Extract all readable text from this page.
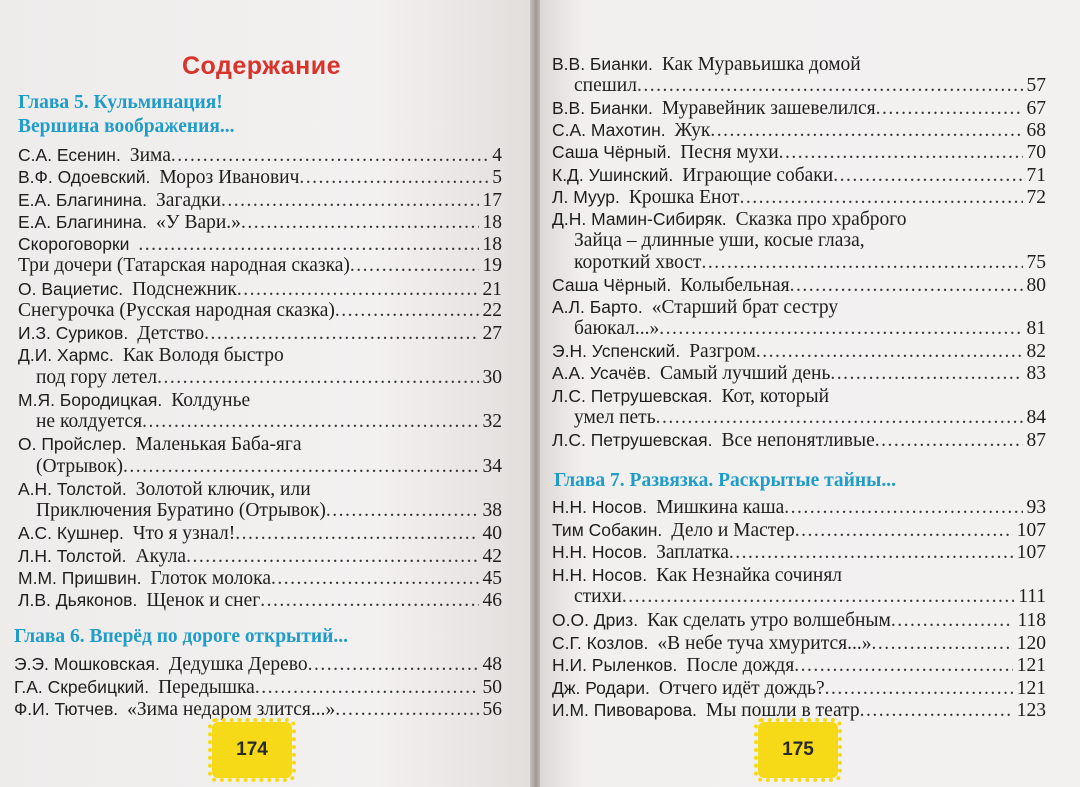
Содержание
Глава 5. Кульминация!
Вершина воображения...
С.А. Есенин. Зима .....	4
В.Ф. Одоевский. Мороз Иванович .....	5
Е.А. Благинина. Загадки .....	17
Е.А. Благинина. «У Вари.» .....	18
Скороговорки .....	18
Три дочери (Татарская народная сказка) .....	19
О. Вациетис. Подснежник .....	21
Снегурочка (Русская народная сказка) .....	22
И.З. Суриков. Детство .....	27
Д.И. Хармс. Как Володя быстро
под гору летел .....	30
М.Я. Бородицкая. Колдунье
не колдуется .....	32
О. Пройслер. Маленькая Баба-яга
(Отрывок) .....	34
А.Н. Толстой. Золотой ключик, или
Приключения Буратино (Отрывок) .....	38
А.С. Кушнер. Что я узнал! .....	40
Л.Н. Толстой. Акула .....	42
М.М. Пришвин. Глоток молока .....	45
Л.В. Дьяконов. Щенок и снег .....	46
Глава 6. Вперёд по дороге открытий...
Э.Э. Мошковская. Дедушка Дерево .....	48
Г.А. Скребицкий. Передышка .....	50
Ф.И. Тютчев. «Зима недаром злится...» .....	56
174
В.В. Бианки. Как Муравьишка домой
спешил .....	57
В.В. Бианки. Муравейник зашевелился .....	67
С.А. Махотин. Жук .....	68
Саша Чёрный. Песня мухи .....	70
К.Д. Ушинский. Играющие собаки .....	71
Л. Муур. Крошка Енот .....	72
Д.Н. Мамин-Сибиряк. Сказка про храброго
Зайца – длинные уши, косые глаза,
короткий хвост .....	75
Саша Чёрный. Колыбельная .....	80
А.Л. Барто. «Старший брат сестру
баюкал...» .....	81
Э.Н. Успенский. Разгром .....	82
А.А. Усачёв. Самый лучший день .....	83
Л.С. Петрушевская. Кот, который
умел петь .....	84
Л.С. Петрушевская. Все непонятливые .....	87
Глава 7. Развязка. Раскрытые тайны...
Н.Н. Носов. Мишкина каша .....	93
Тим Собакин. Дело и Мастер .....	107
Н.Н. Носов. Заплатка .....	107
Н.Н. Носов. Как Незнайка сочинял
стихи .....	111
О.О. Дриз. Как сделать утро волшебным .....	118
С.Г. Козлов. «В небе туча хмурится...» .....	120
Н.И. Рыленков. После дождя .....	121
Дж. Родари. Отчего идёт дождь? .....	121
И.М. Пивоварова. Мы пошли в театр .....	123
175
